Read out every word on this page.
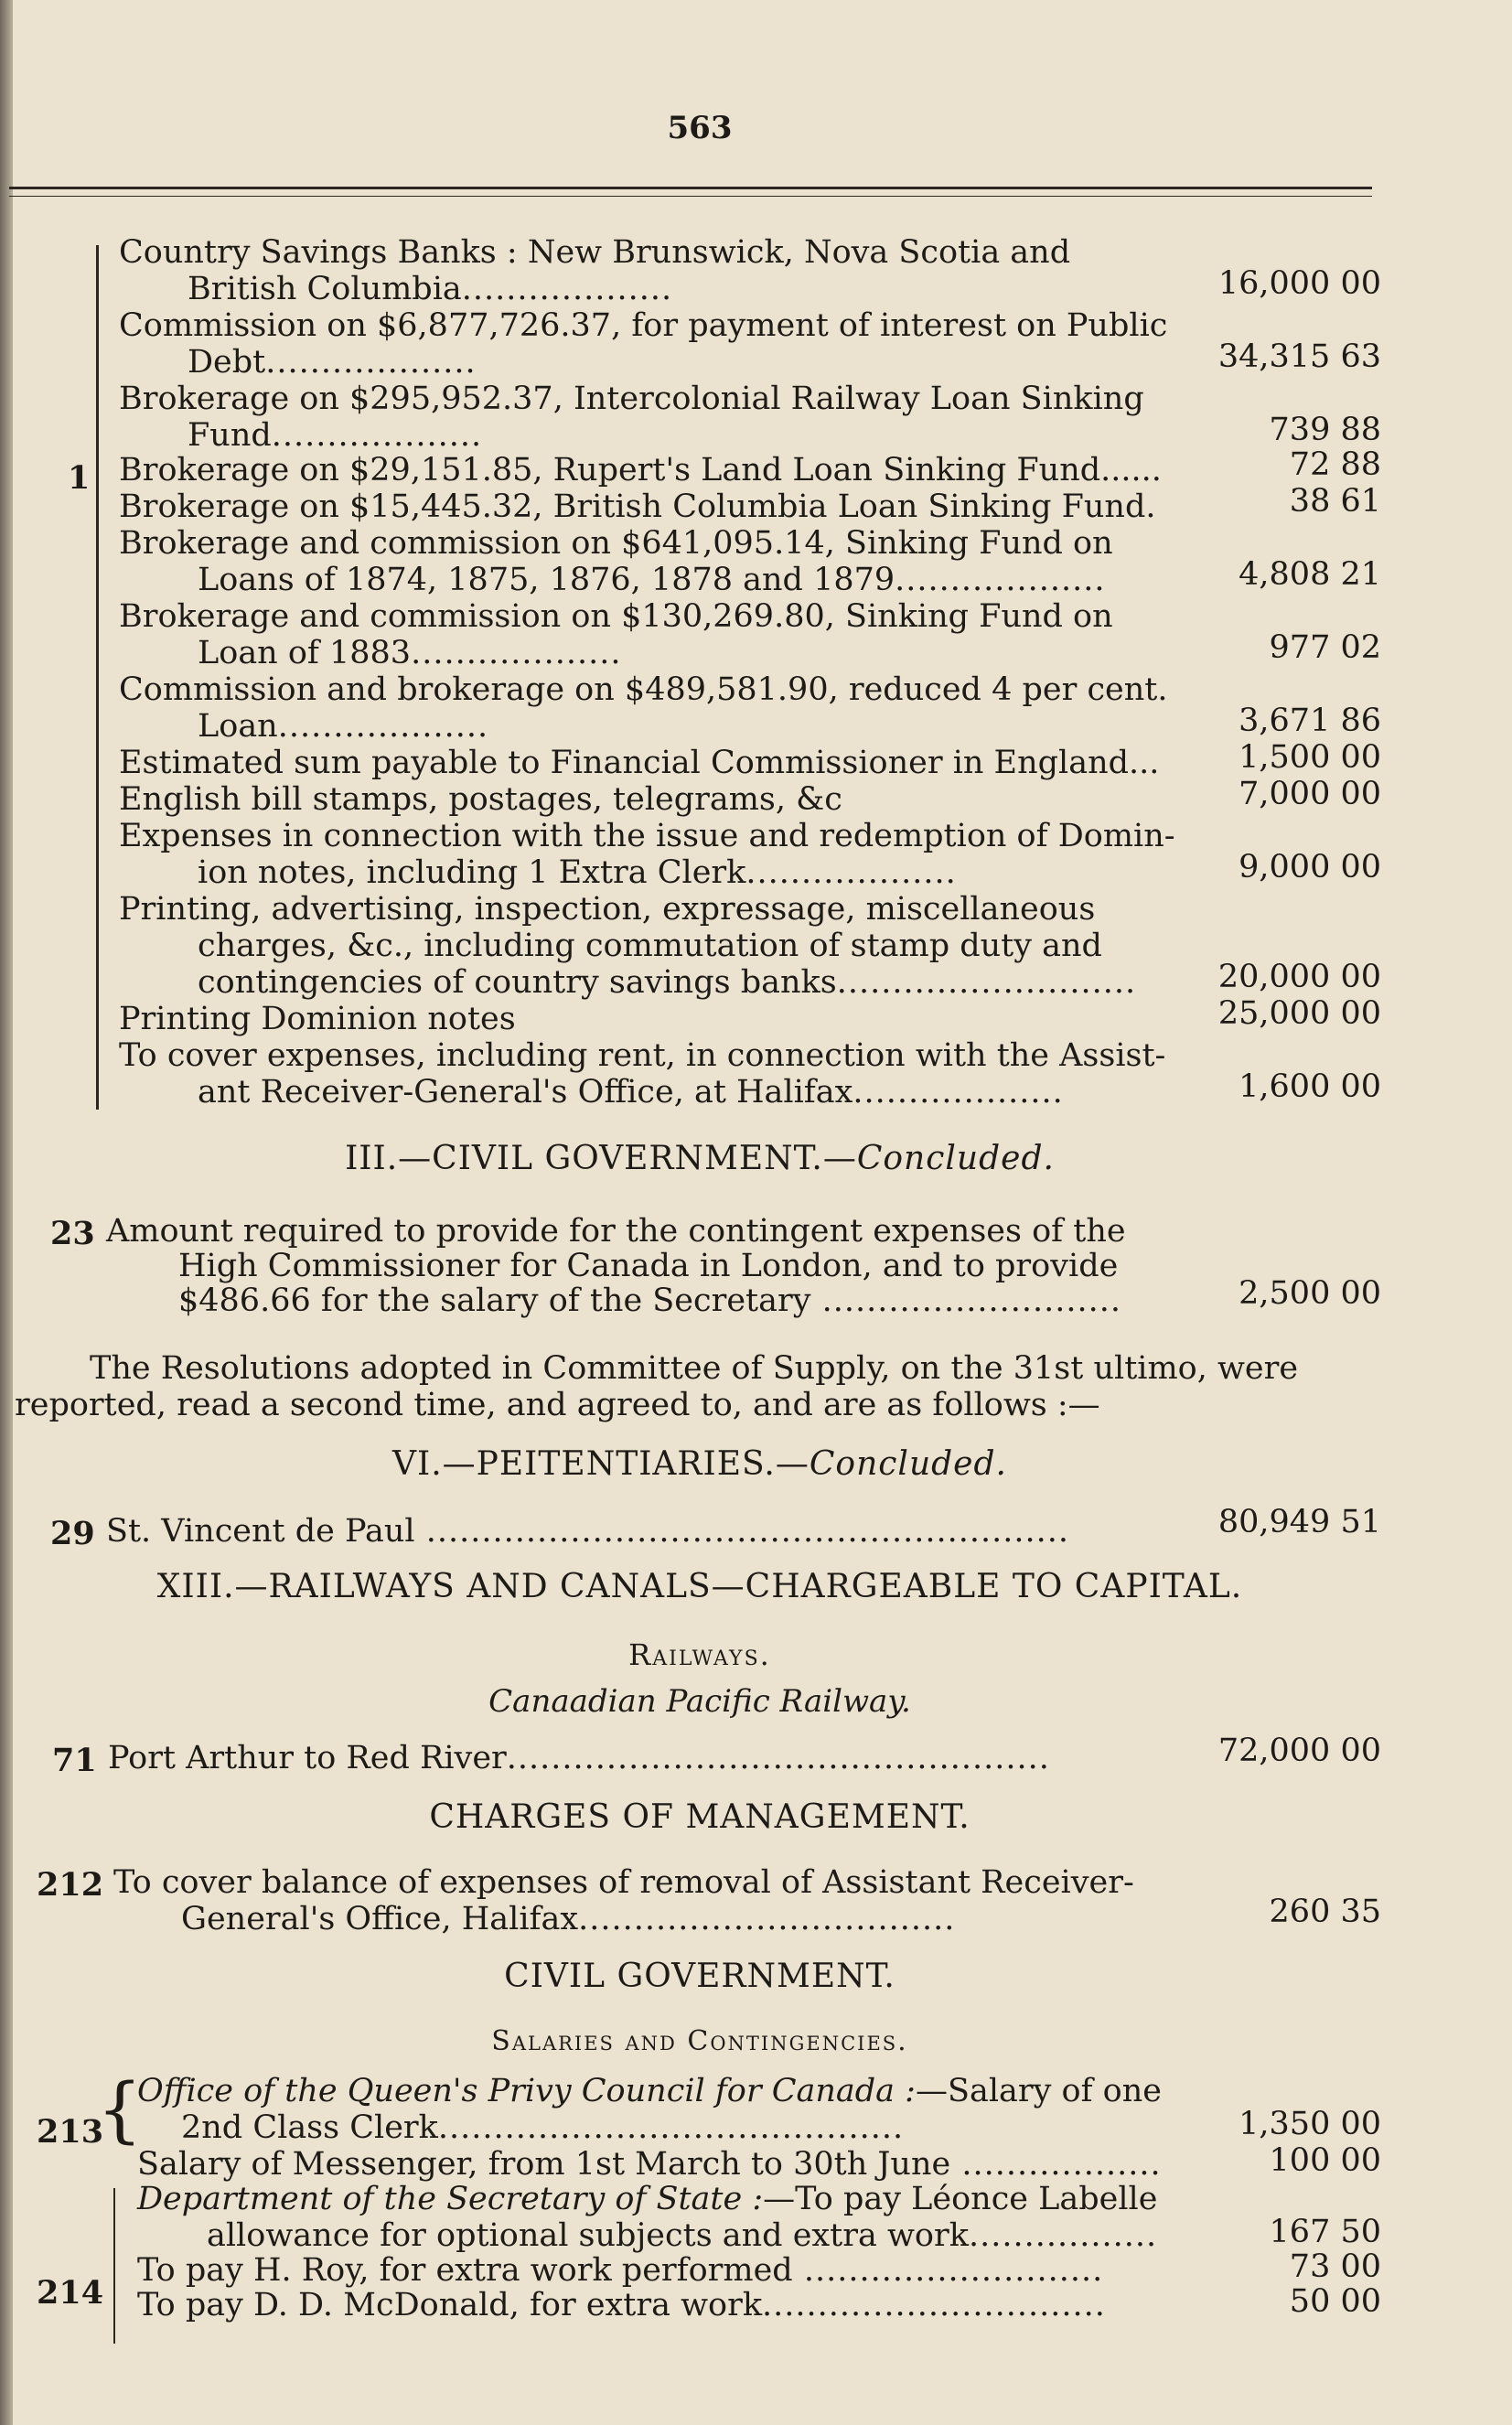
563
1
Country Savings Banks : New Brunswick, Nova Scotia and
British Columbia...................	16,000 00
Commission on $6,877,726.37, for payment of interest on Public
Debt...................	34,315 63
Brokerage on $295,952.37, Intercolonial Railway Loan Sinking
Fund...................	739 88
Brokerage on $29,151.85, Rupert's Land Loan Sinking Fund......	72 88
Brokerage on $15,445.32, British Columbia Loan Sinking Fund.	38 61
Brokerage and commission on $641,095.14, Sinking Fund on
Loans of 1874, 1875, 1876, 1878 and 1879...................	4,808 21
Brokerage and commission on $130,269.80, Sinking Fund on
Loan of 1883...................	977 02
Commission and brokerage on $489,581.90, reduced 4 per cent.
Loan...................	3,671 86
Estimated sum payable to Financial Commissioner in England...	1,500 00
English bill stamps, postages, telegrams, &c	7,000 00
Expenses in connection with the issue and redemption of Domin-
ion notes, including 1 Extra Clerk...................	9,000 00
Printing, advertising, inspection, expressage, miscellaneous
charges, &c., including commutation of stamp duty and
contingencies of country savings banks...........................	20,000 00
Printing Dominion notes	25,000 00
To cover expenses, including rent, in connection with the Assist-
ant Receiver-General's Office, at Halifax...................	1,600 00
III.—CIVIL GOVERNMENT.—Concluded.
23 Amount required to provide for the contingent expenses of the
High Commissioner for Canada in London, and to provide
$486.66 for the salary of the Secretary ...........................	2,500 00
The Resolutions adopted in Committee of Supply, on the 31st ultimo, were
reported, read a second time, and agreed to, and are as follows :—
VI.—PEITENTIARIES.—Concluded.
29 St. Vincent de Paul ..........................................................	80,949 51
XIII.—RAILWAYS AND CANALS—CHARGEABLE TO CAPITAL.
Railways.
Canaadian Pacific Railway.
71 Port Arthur to Red River.................................................	72,000 00
CHARGES OF MANAGEMENT.
212 To cover balance of expenses of removal of Assistant Receiver-
General's Office, Halifax..................................	260 35
CIVIL GOVERNMENT.
Salaries and Contingencies.
{
213
Office of the Queen's Privy Council for Canada :—Salary of one
2nd Class Clerk..........................................	1,350 00
Salary of Messenger, from 1st March to 30th June ..................	100 00
214
Department of the Secretary of State :—To pay Léonce Labelle
allowance for optional subjects and extra work.................	167 50
To pay H. Roy, for extra work performed ...........................	73 00
To pay D. D. McDonald, for extra work...............................	50 00
